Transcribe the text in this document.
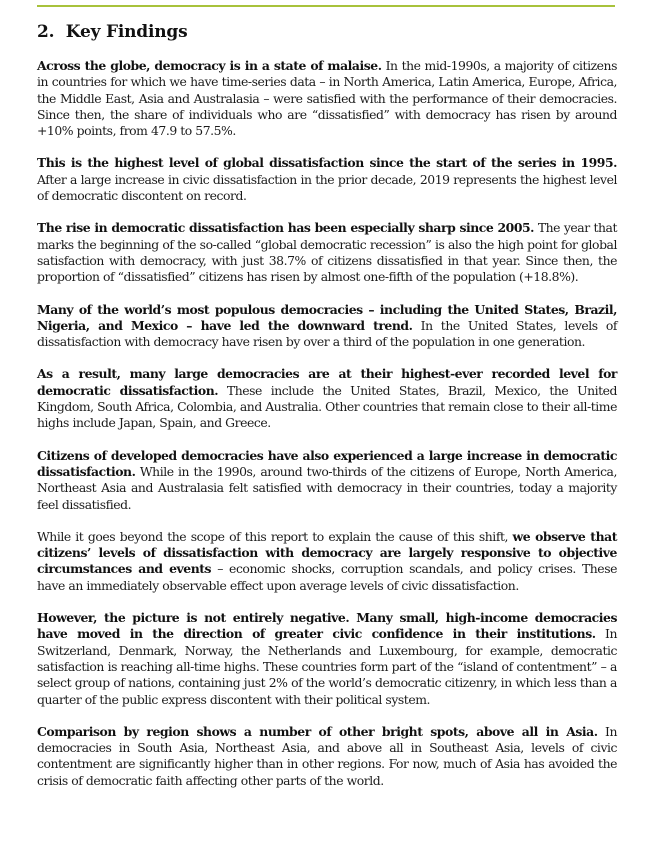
2. Key Findings

Across the globe, democracy is in a state of malaise. In the mid-1990s, a majority of citizens in countries for which we have time-series data – in North America, Latin America, Europe, Africa, the Middle East, Asia and Australasia – were satisfied with the performance of their democracies. Since then, the share of individuals who are “dissatisfied” with democracy has risen by around +10% points, from 47.9 to 57.5%.

This is the highest level of global dissatisfaction since the start of the series in 1995. After a large increase in civic dissatisfaction in the prior decade, 2019 represents the highest level of democratic discontent on record.

The rise in democratic dissatisfaction has been especially sharp since 2005. The year that marks the beginning of the so-called “global democratic recession” is also the high point for global satisfaction with democracy, with just 38.7% of citizens dissatisfied in that year. Since then, the proportion of “dissatisfied” citizens has risen by almost one-fifth of the population (+18.8%).

Many of the world’s most populous democracies – including the United States, Brazil, Nigeria, and Mexico – have led the downward trend. In the United States, levels of dissatisfaction with democracy have risen by over a third of the population in one generation.

As a result, many large democracies are at their highest-ever recorded level for democratic dissatisfaction. These include the United States, Brazil, Mexico, the United Kingdom, South Africa, Colombia, and Australia. Other countries that remain close to their all-time highs include Japan, Spain, and Greece.

Citizens of developed democracies have also experienced a large increase in democratic dissatisfaction. While in the 1990s, around two-thirds of the citizens of Europe, North America, Northeast Asia and Australasia felt satisfied with democracy in their countries, today a majority feel dissatisfied.

While it goes beyond the scope of this report to explain the cause of this shift, we observe that citizens’ levels of dissatisfaction with democracy are largely responsive to objective circumstances and events – economic shocks, corruption scandals, and policy crises. These have an immediately observable effect upon average levels of civic dissatisfaction.

However, the picture is not entirely negative. Many small, high-income democracies have moved in the direction of greater civic confidence in their institutions. In Switzerland, Denmark, Norway, the Netherlands and Luxembourg, for example, democratic satisfaction is reaching all-time highs. These countries form part of the “island of contentment” – a select group of nations, containing just 2% of the world’s democratic citizenry, in which less than a quarter of the public express discontent with their political system.

Comparison by region shows a number of other bright spots, above all in Asia. In democracies in South Asia, Northeast Asia, and above all in Southeast Asia, levels of civic contentment are significantly higher than in other regions. For now, much of Asia has avoided the crisis of democratic faith affecting other parts of the world.
